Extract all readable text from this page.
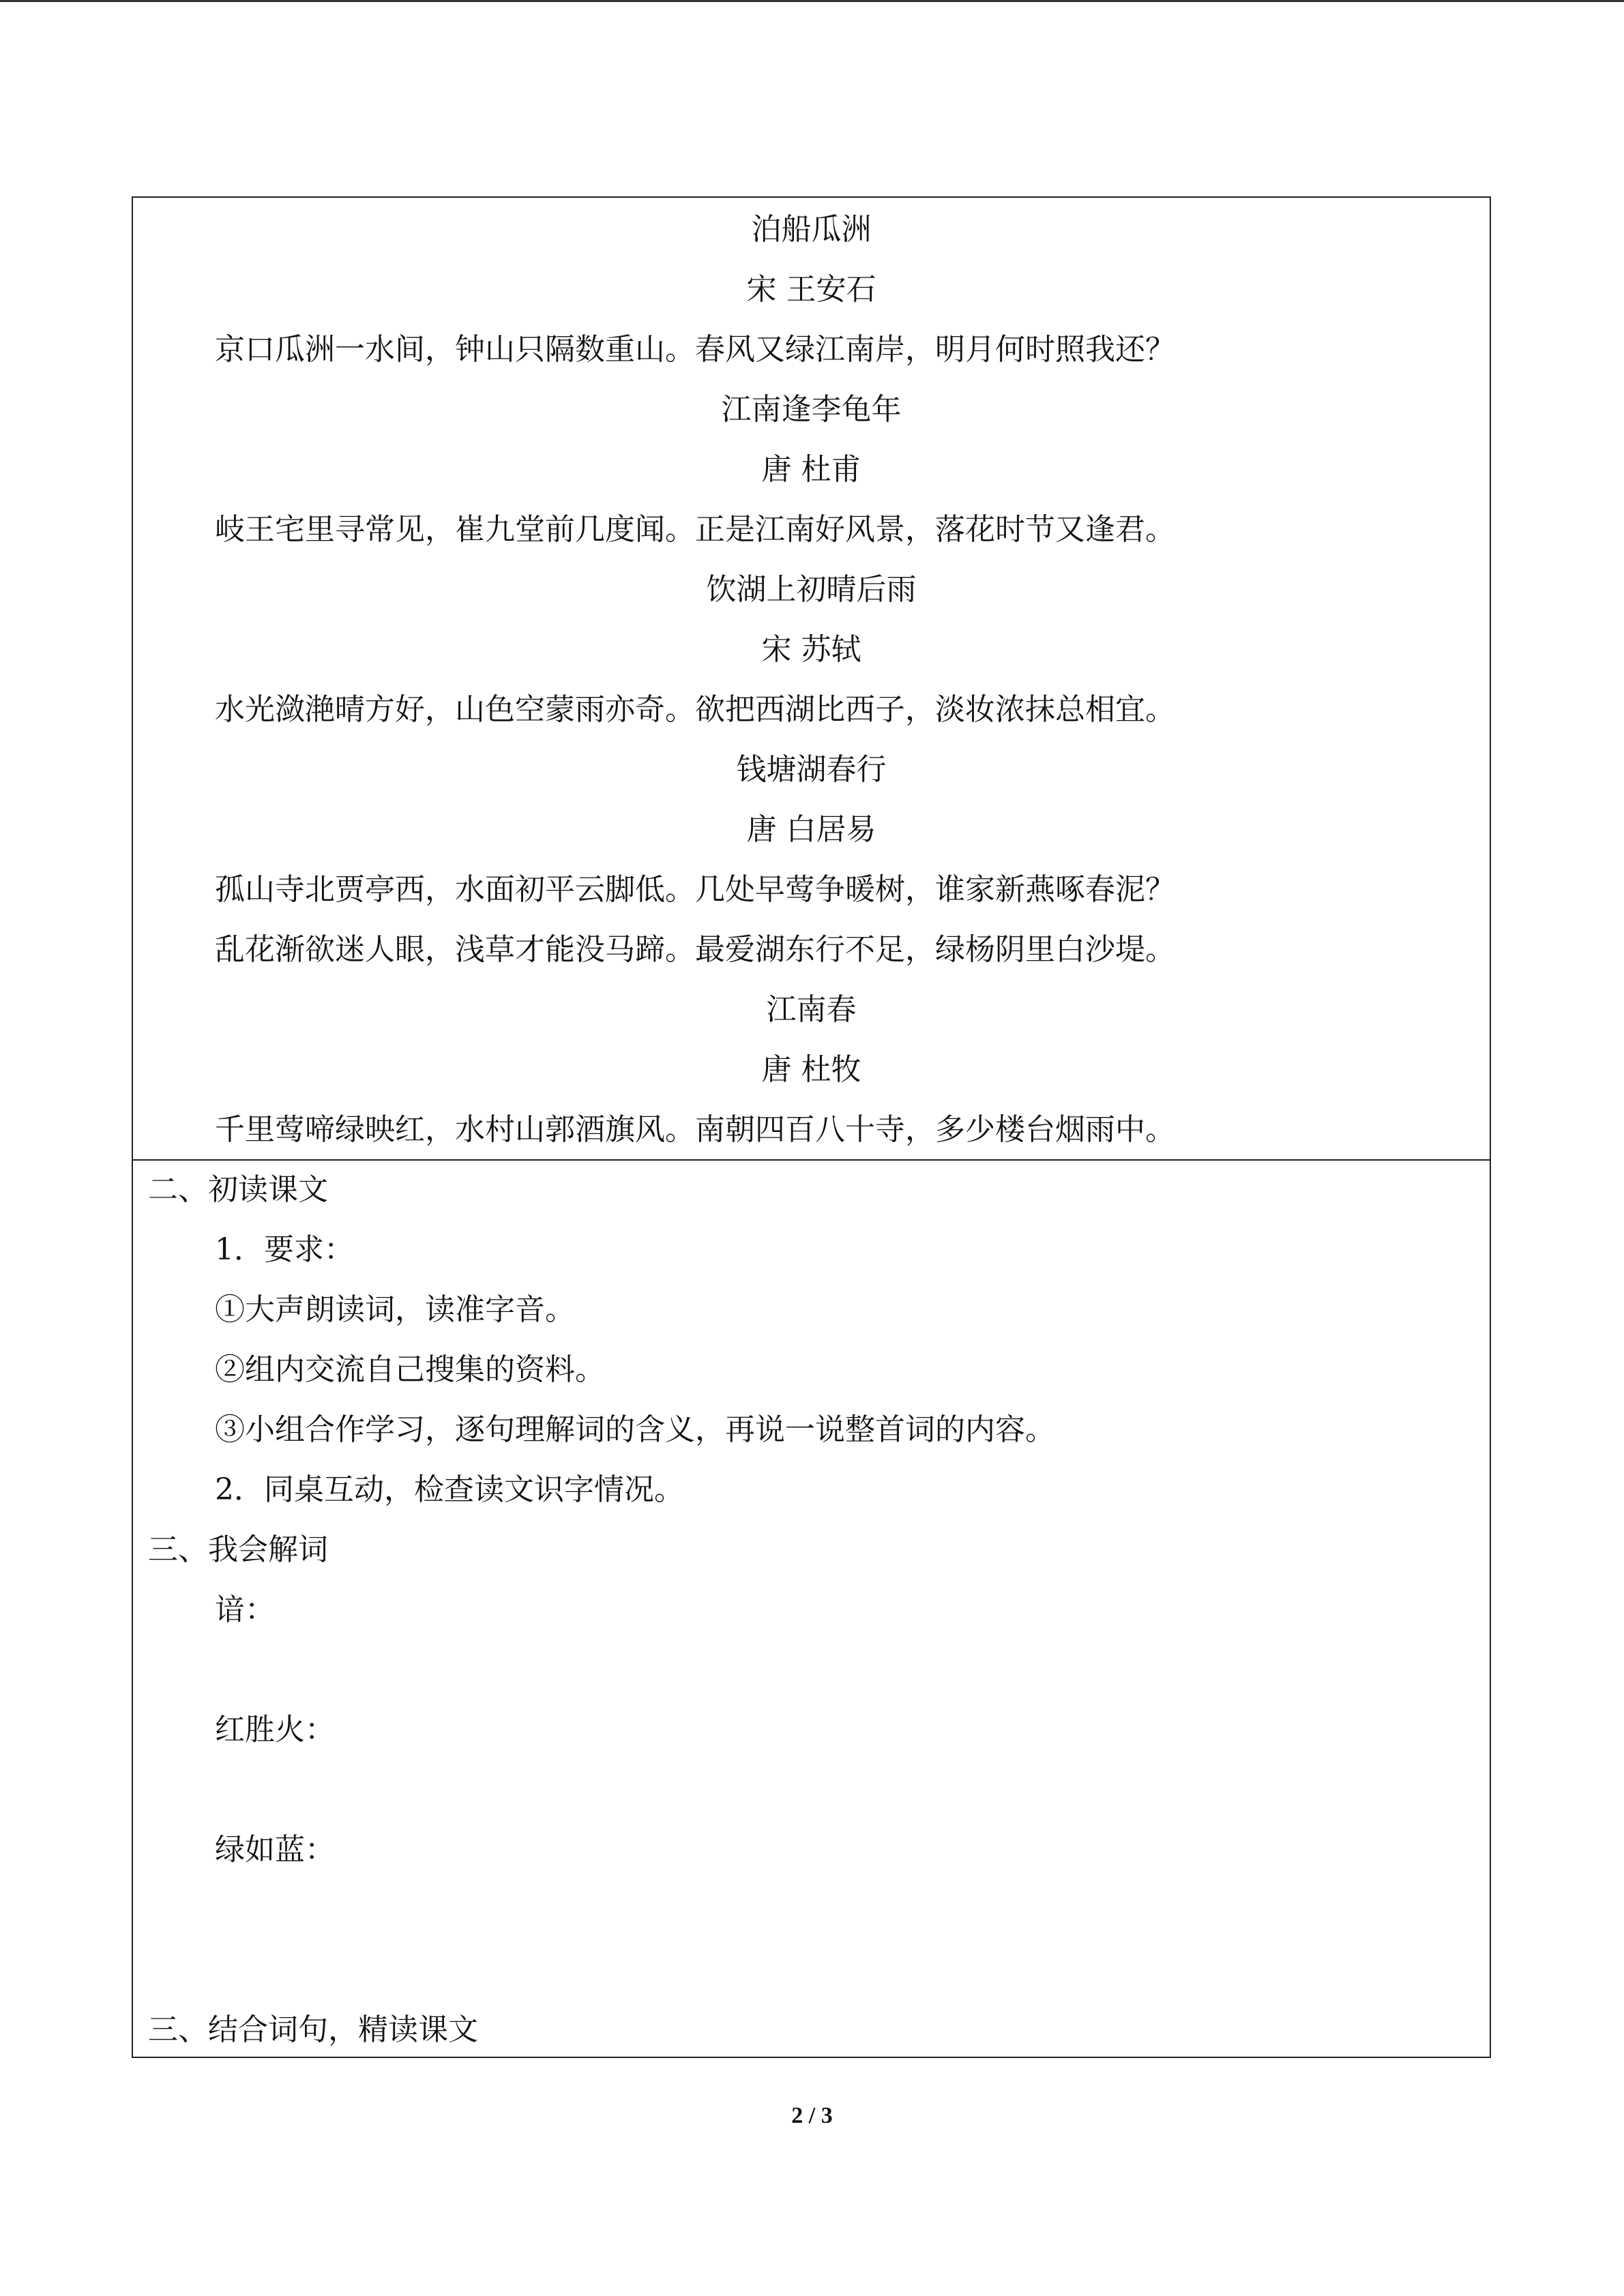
泊船瓜洲
宋 王安石
京口瓜洲一水间，钟山只隔数重山。春风又绿江南岸，明月何时照我还？
江南逢李龟年
唐 杜甫
岐王宅里寻常见，崔九堂前几度闻。正是江南好风景，落花时节又逢君。
饮湖上初晴后雨
宋 苏轼
水光潋滟晴方好，山色空蒙雨亦奇。欲把西湖比西子，淡妆浓抹总相宜。
钱塘湖春行
唐 白居易
孤山寺北贾亭西，水面初平云脚低。几处早莺争暖树，谁家新燕啄春泥？
乱花渐欲迷人眼，浅草才能没马蹄。最爱湖东行不足，绿杨阴里白沙堤。
江南春
唐 杜牧
千里莺啼绿映红，水村山郭酒旗风。南朝四百八十寺，多少楼台烟雨中。
二、初读课文
1．要求：
①大声朗读词，读准字音。
②组内交流自己搜集的资料。
③小组合作学习，逐句理解词的含义，再说一说整首词的内容。
2．同桌互动，检查读文识字情况。
三、我会解词
谙：
红胜火：
绿如蓝：
三、结合词句，精读课文
2 / 3
